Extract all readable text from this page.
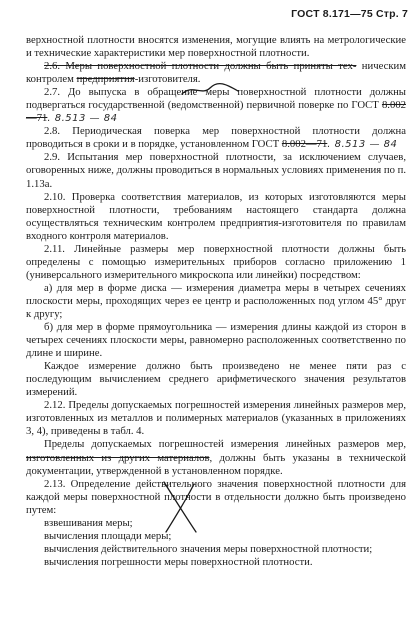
ГОСТ 8.171—75 Стр. 7

верхностной плотности вносятся изменения, могущие влиять на метрологические и технические характеристики мер поверхностной плотности.

2.6. Меры поверхностной плотности должны быть приняты тех- ническим контролем предприятия-изготовителя.

2.7. До выпуска в обращение меры поверхностной плотности должны подвергаться государственной (ведомственной) первичной поверке по ГОСТ 8.002—71. 8.513 — 84

2.8. Периодическая поверка мер поверхностной плотности должна проводиться в сроки и в порядке, установленном ГОСТ 8.002—71. 8.513 — 84

2.9. Испытания мер поверхностной плотности, за исключением случаев, оговоренных ниже, должны проводиться в нормальных условиях применения по п. 1.13а.

2.10. Проверка соответствия материалов, из которых изготовляются меры поверхностной плотности, требованиям настоящего стандарта должна осуществляться техническим контролем предприятия-изготовителя по правилам входного контроля материалов.

2.11. Линейные размеры мер поверхностной плотности должны быть определены с помощью измерительных приборов согласно приложению 1 (универсального измерительного микроскопа или линейки) посредством:

а) для мер в форме диска — измерения диаметра меры в четырех сечениях плоскости меры, проходящих через ее центр и расположенных под углом 45° друг к другу;

б) для мер в форме прямоугольника — измерения длины каждой из сторон в четырех сечениях плоскости меры, равномерно расположенных соответственно по длине и ширине.

Каждое измерение должно быть произведено не менее пяти раз с последующим вычислением среднего арифметического значения результатов измерений.

2.12. Пределы допускаемых погрешностей измерения линейных размеров мер, изготовленных из металлов и полимерных материалов (указанных в приложениях 3, 4), приведены в табл. 4.

Пределы допускаемых погрешностей измерения линейных размеров мер, изготовленных из других материалов, должны быть указаны в технической документации, утвержденной в установленном порядке.

2.13. Определение действительного значения поверхностной плотности для каждой меры поверхностной плотности в отдельности должно быть произведено путем:

взвешивания меры;

вычисления площади меры;

вычисления действительного значения меры поверхностной плотности;

вычисления погрешности меры поверхностной плотности.
